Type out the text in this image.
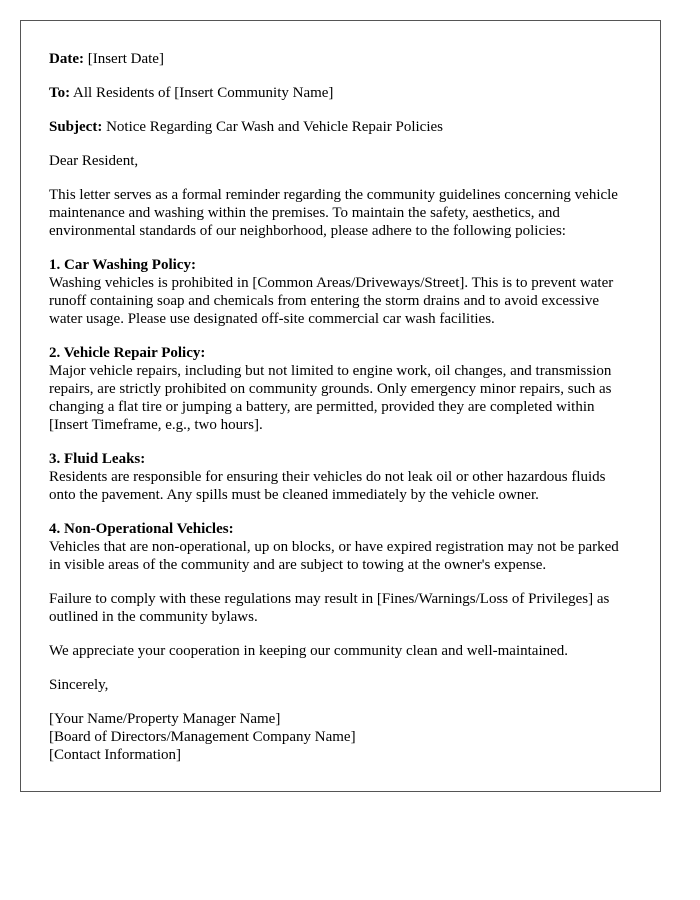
Date: [Insert Date]

To: All Residents of [Insert Community Name]

Subject: Notice Regarding Car Wash and Vehicle Repair Policies

Dear Resident,

This letter serves as a formal reminder regarding the community guidelines concerning vehicle maintenance and washing within the premises. To maintain the safety, aesthetics, and environmental standards of our neighborhood, please adhere to the following policies:

1. Car Washing Policy:
Washing vehicles is prohibited in [Common Areas/Driveways/Street]. This is to prevent water runoff containing soap and chemicals from entering the storm drains and to avoid excessive water usage. Please use designated off-site commercial car wash facilities.
2. Vehicle Repair Policy:
Major vehicle repairs, including but not limited to engine work, oil changes, and transmission repairs, are strictly prohibited on community grounds. Only emergency minor repairs, such as changing a flat tire or jumping a battery, are permitted, provided they are completed within [Insert Timeframe, e.g., two hours].
3. Fluid Leaks:
Residents are responsible for ensuring their vehicles do not leak oil or other hazardous fluids onto the pavement. Any spills must be cleaned immediately by the vehicle owner.
4. Non-Operational Vehicles:
Vehicles that are non-operational, up on blocks, or have expired registration may not be parked in visible areas of the community and are subject to towing at the owner's expense.

Failure to comply with these regulations may result in [Fines/Warnings/Loss of Privileges] as outlined in the community bylaws.

We appreciate your cooperation in keeping our community clean and well-maintained.

Sincerely,

[Your Name/Property Manager Name]
[Board of Directors/Management Company Name]
[Contact Information]
